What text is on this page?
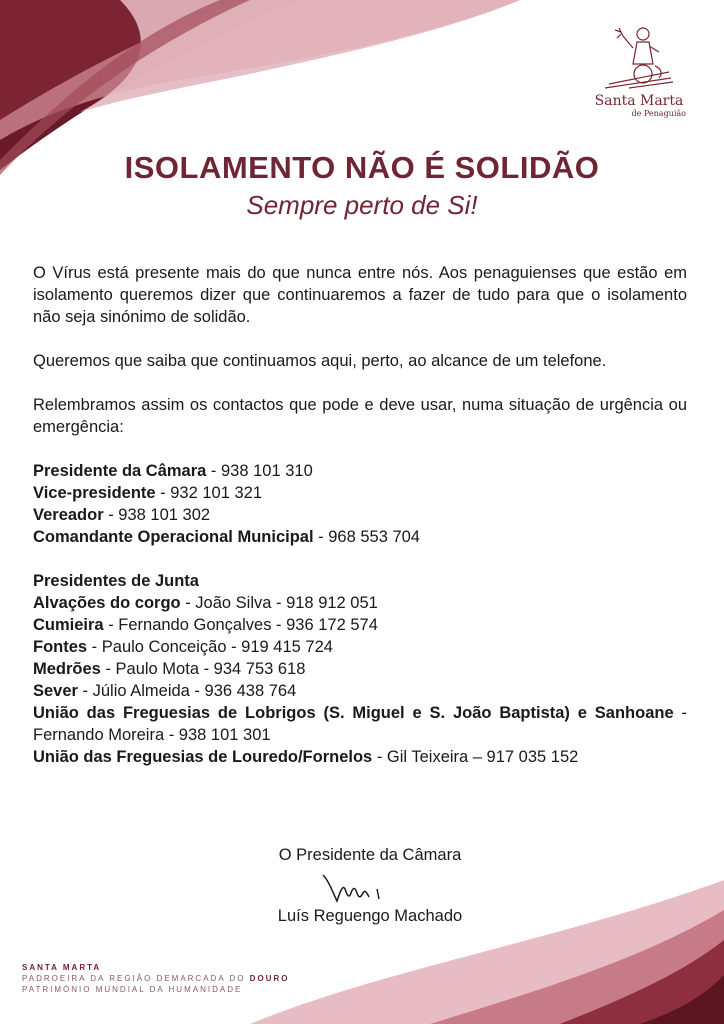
Santa Marta
de Penaguião
ISOLAMENTO NÃO É SOLIDÃO
Sempre perto de Si!

O Vírus está presente mais do que nunca entre nós. Aos penaguienses que estão em isolamento queremos dizer que continuaremos a fazer de tudo para que o isolamento não seja sinónimo de solidão.

Queremos que saiba que continuamos aqui, perto, ao alcance de um telefone.

Relembramos assim os contactos que pode e deve usar, numa situação de urgência ou emergência:

Presidente da Câmara - 938 101 310
Vice-presidente - 932 101 321
Vereador - 938 101 302
Comandante Operacional Municipal - 968 553 704
Presidentes de Junta
Alvações do corgo - João Silva - 918 912 051
Cumieira - Fernando Gonçalves - 936 172 574
Fontes - Paulo Conceição - 919 415 724
Medrões - Paulo Mota - 934 753 618
Sever - Júlio Almeida - 936 438 764
União das Freguesias de Lobrigos (S. Miguel e S. João Baptista) e Sanhoane - Fernando Moreira - 938 101 301
União das Freguesias de Louredo/Fornelos - Gil Teixeira – 917 035 152
O Presidente da Câmara
Luís Reguengo Machado
SANTA MARTA
PADROEIRA DA REGIÃO DEMARCADA DO DOURO
PATRIMÓNIO MUNDIAL DA HUMANIDADE
